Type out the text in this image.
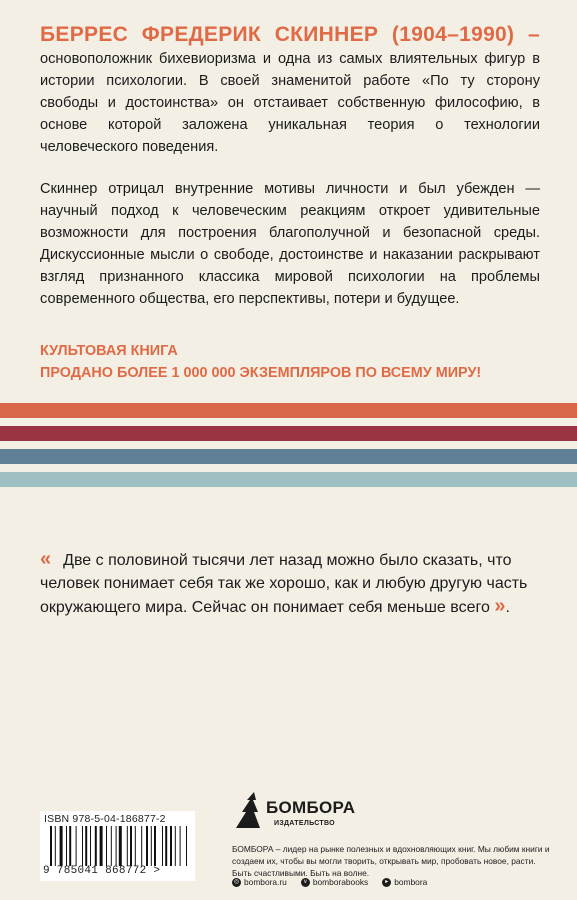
БЕРРЕС ФРЕДЕРИК СКИННЕР (1904–1990) – основоположник бихевиоризма и одна из самых влиятельных фигур в истории психологии. В своей знаменитой работе «По ту сторону свободы и достоинства» он отстаивает собственную философию, в основе которой заложена уникальная теория о технологии человеческого поведения.
Скиннер отрицал внутренние мотивы личности и был убежден — научный подход к человеческим реакциям откроет удивительные возможности для построения благополучной и безопасной среды. Дискуссионные мысли о свободе, достоинстве и наказании раскрывают взгляд признанного классика мировой психологии на проблемы современного общества, его перспективы, потери и будущее.
КУЛЬТОВАЯ КНИГА
ПРОДАНО БОЛЕЕ 1 000 000 ЭКЗЕМПЛЯРОВ ПО ВСЕМУ МИРУ!
« Две с половиной тысячи лет назад можно было сказать, что человек понимает себя так же хорошо, как и любую другую часть окружающего мира. Сейчас он понимает себя меньше всего ».
ISBN 978-5-04-186877-2
9 785041 868772 >
БОМБОРА
ИЗДАТЕЛЬСТВО
БОМБОРА – лидер на рынке полезных и вдохновляющих книг. Мы любим книги и создаем их, чтобы вы могли творить, открывать мир, пробовать новое, расти. Быть счастливыми. Быть на волне.
◎ bombora.ru	v bomborabooks	▸ bombora
